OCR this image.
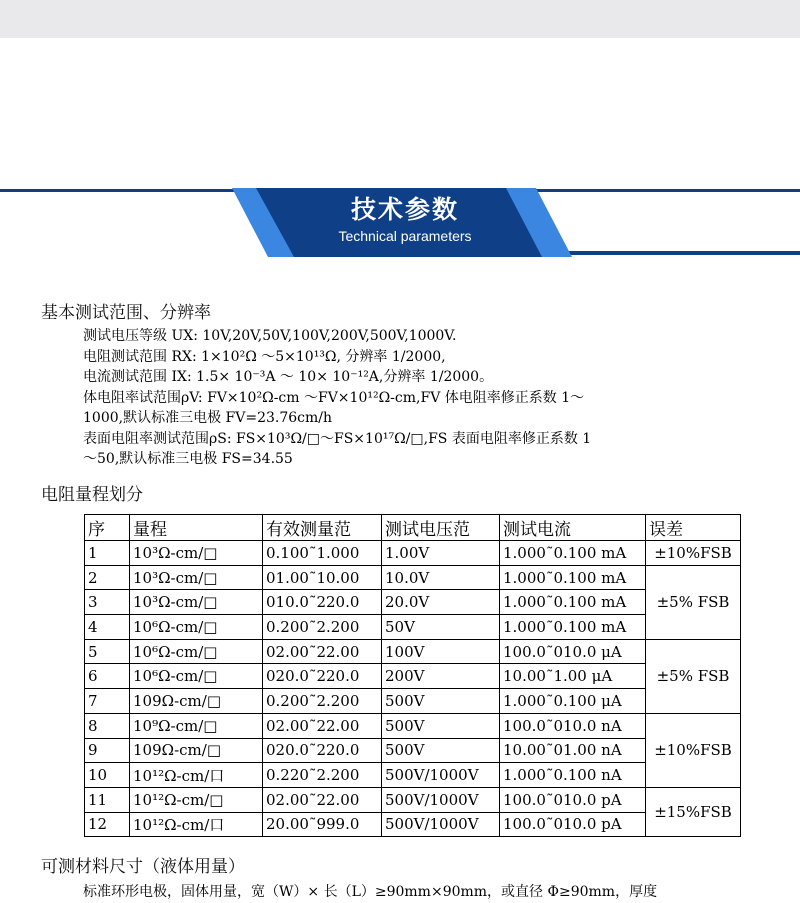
技术参数
Technical parameters
基本测试范围、分辨率
测试电压等级 UX: 10V,20V,50V,100V,200V,500V,1000V.
电阻测试范围 RX: 1×10²Ω ～5×10¹³Ω, 分辨率 1/2000,
电流测试范围 IX: 1.5× 10⁻³A ～ 10× 10⁻¹²A,分辨率 1/2000。
体电阻率试范围ρV: FV×10²Ω-cm ～FV×10¹²Ω-cm,FV 体电阻率修正系数 1～
1000,默认标准三电极 FV=23.76cm/h
表面电阻率测试范围ρS: FS×10³Ω/□～FS×10¹⁷Ω/□,FS 表面电阻率修正系数 1
～50,默认标准三电极 FS=34.55
电阻量程划分
序	量程	有效测量范	测试电压范	测试电流	误差
1	10³Ω-cm/□	0.100˜1.000	1.00V	1.000˜0.100 mA	±10%FSB
2	10³Ω-cm/□	01.00˜10.00	10.0V	1.000˜0.100 mA	±5% FSB
3	10³Ω-cm/□	010.0˜220.0	20.0V	1.000˜0.100 mA	
4	10⁶Ω-cm/□	0.200˜2.200	50V	1.000˜0.100 mA	
5	10⁶Ω-cm/□	02.00˜22.00	100V	100.0˜010.0 μA	±5% FSB
6	10⁶Ω-cm/□	020.0˜220.0	200V	10.00˜1.00 μA	
7	109Ω-cm/□	0.200˜2.200	500V	1.000˜0.100 μA	
8	10⁹Ω-cm/□	02.00˜22.00	500V	100.0˜010.0 nA	±10%FSB
9	109Ω-cm/□	020.0˜220.0	500V	10.00˜01.00 nA	
10	10¹²Ω-cm/口	0.220˜2.200	500V/1000V	1.000˜0.100 nA	
11	10¹²Ω-cm/□	02.00˜22.00	500V/1000V	100.0˜010.0 pA	±15%FSB
12	10¹²Ω-cm/口	20.00˜999.0	500V/1000V	100.0˜010.0 pA	
可测材料尺寸（液体用量）
标准环形电极，固体用量，宽（W）× 长（L）≥90mm×90mm，或直径 Φ≥90mm，厚度
